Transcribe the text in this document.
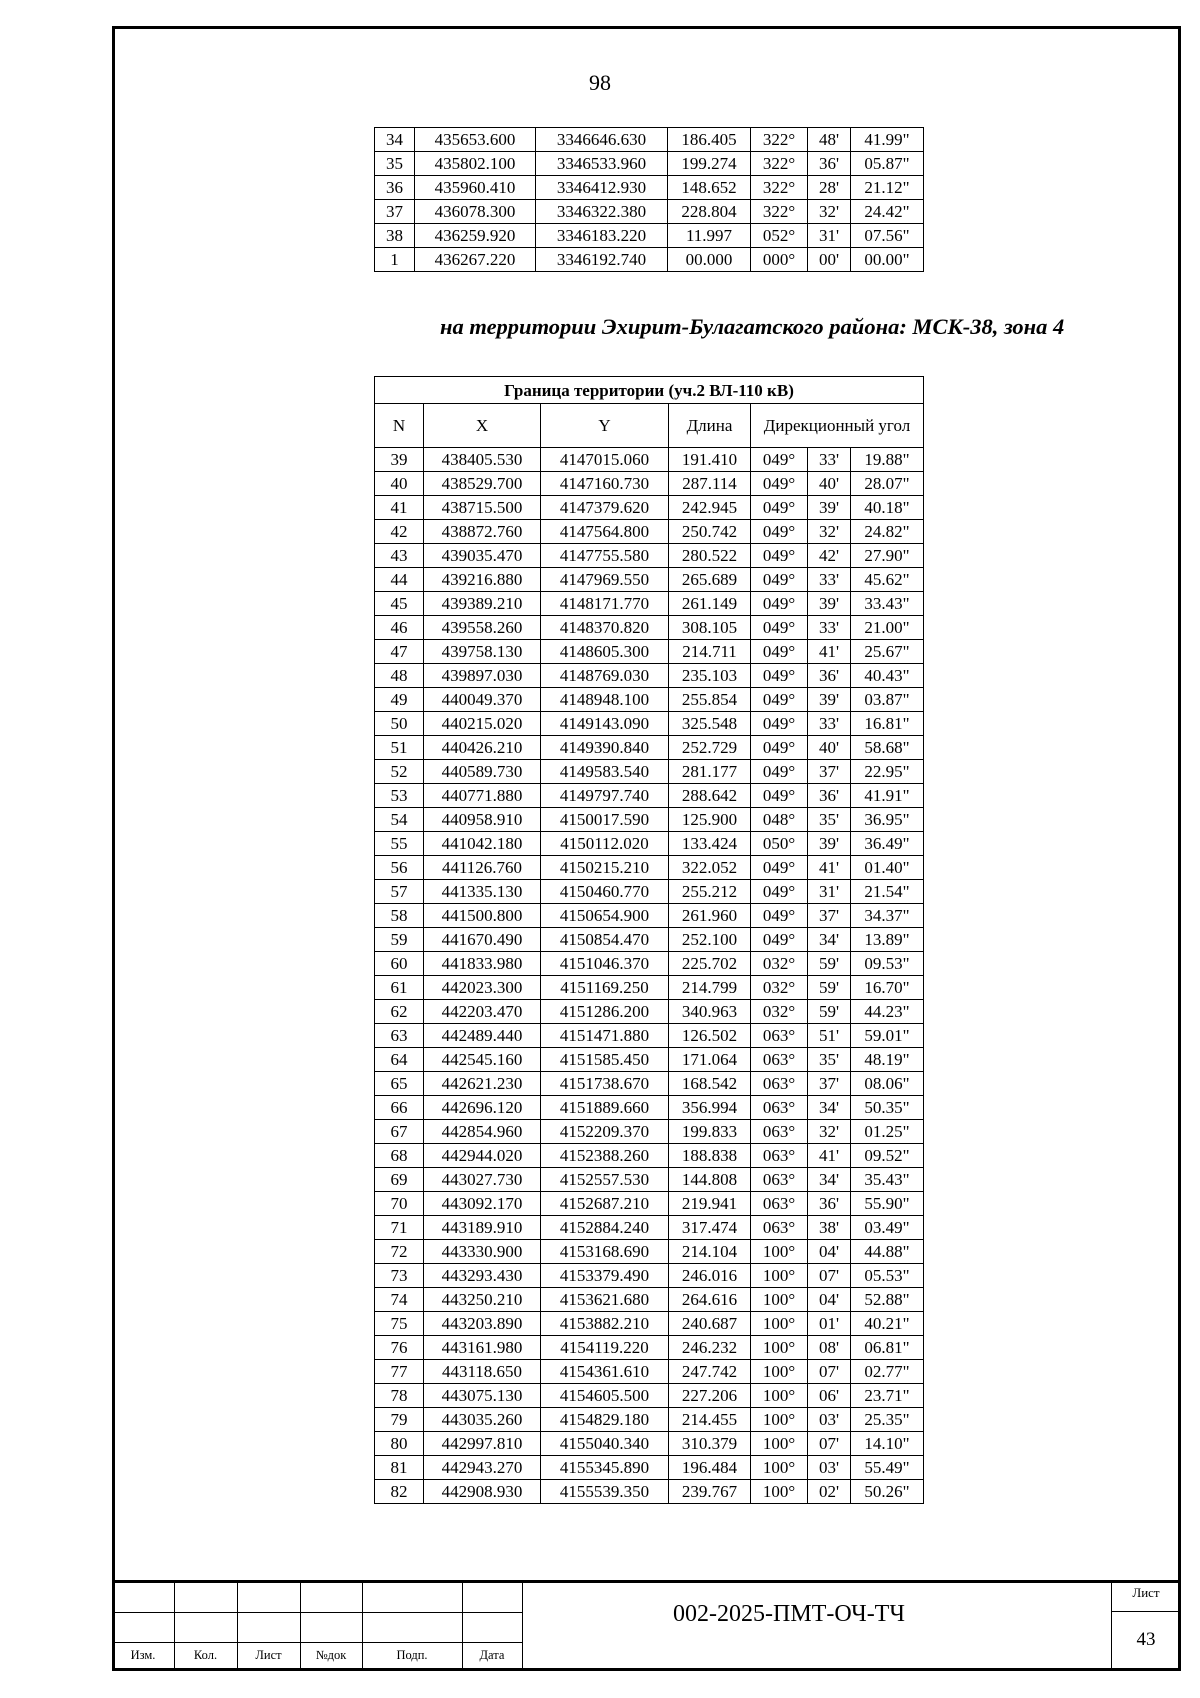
98
34	435653.600	3346646.630	186.405	322°	48'	41.99"
35	435802.100	3346533.960	199.274	322°	36'	05.87"
36	435960.410	3346412.930	148.652	322°	28'	21.12"
37	436078.300	3346322.380	228.804	322°	32'	24.42"
38	436259.920	3346183.220	11.997	052°	31'	07.56"
1	436267.220	3346192.740	00.000	000°	00'	00.00"
на территории Эхирит-Булагатского района: МСК-38, зона 4
Граница территории (уч.2 ВЛ-110 кВ)						
N	X	Y	Длина	Дирекционный угол		
39	438405.530	4147015.060	191.410	049°	33'	19.88"
40	438529.700	4147160.730	287.114	049°	40'	28.07"
41	438715.500	4147379.620	242.945	049°	39'	40.18"
42	438872.760	4147564.800	250.742	049°	32'	24.82"
43	439035.470	4147755.580	280.522	049°	42'	27.90"
44	439216.880	4147969.550	265.689	049°	33'	45.62"
45	439389.210	4148171.770	261.149	049°	39'	33.43"
46	439558.260	4148370.820	308.105	049°	33'	21.00"
47	439758.130	4148605.300	214.711	049°	41'	25.67"
48	439897.030	4148769.030	235.103	049°	36'	40.43"
49	440049.370	4148948.100	255.854	049°	39'	03.87"
50	440215.020	4149143.090	325.548	049°	33'	16.81"
51	440426.210	4149390.840	252.729	049°	40'	58.68"
52	440589.730	4149583.540	281.177	049°	37'	22.95"
53	440771.880	4149797.740	288.642	049°	36'	41.91"
54	440958.910	4150017.590	125.900	048°	35'	36.95"
55	441042.180	4150112.020	133.424	050°	39'	36.49"
56	441126.760	4150215.210	322.052	049°	41'	01.40"
57	441335.130	4150460.770	255.212	049°	31'	21.54"
58	441500.800	4150654.900	261.960	049°	37'	34.37"
59	441670.490	4150854.470	252.100	049°	34'	13.89"
60	441833.980	4151046.370	225.702	032°	59'	09.53"
61	442023.300	4151169.250	214.799	032°	59'	16.70"
62	442203.470	4151286.200	340.963	032°	59'	44.23"
63	442489.440	4151471.880	126.502	063°	51'	59.01"
64	442545.160	4151585.450	171.064	063°	35'	48.19"
65	442621.230	4151738.670	168.542	063°	37'	08.06"
66	442696.120	4151889.660	356.994	063°	34'	50.35"
67	442854.960	4152209.370	199.833	063°	32'	01.25"
68	442944.020	4152388.260	188.838	063°	41'	09.52"
69	443027.730	4152557.530	144.808	063°	34'	35.43"
70	443092.170	4152687.210	219.941	063°	36'	55.90"
71	443189.910	4152884.240	317.474	063°	38'	03.49"
72	443330.900	4153168.690	214.104	100°	04'	44.88"
73	443293.430	4153379.490	246.016	100°	07'	05.53"
74	443250.210	4153621.680	264.616	100°	04'	52.88"
75	443203.890	4153882.210	240.687	100°	01'	40.21"
76	443161.980	4154119.220	246.232	100°	08'	06.81"
77	443118.650	4154361.610	247.742	100°	07'	02.77"
78	443075.130	4154605.500	227.206	100°	06'	23.71"
79	443035.260	4154829.180	214.455	100°	03'	25.35"
80	442997.810	4155040.340	310.379	100°	07'	14.10"
81	442943.270	4155345.890	196.484	100°	03'	55.49"
82	442908.930	4155539.350	239.767	100°	02'	50.26"
Изм.	Кол.	Лист	№док	Подп.	Дата
002-2025-ПМТ-ОЧ-ТЧ
Лист
43
